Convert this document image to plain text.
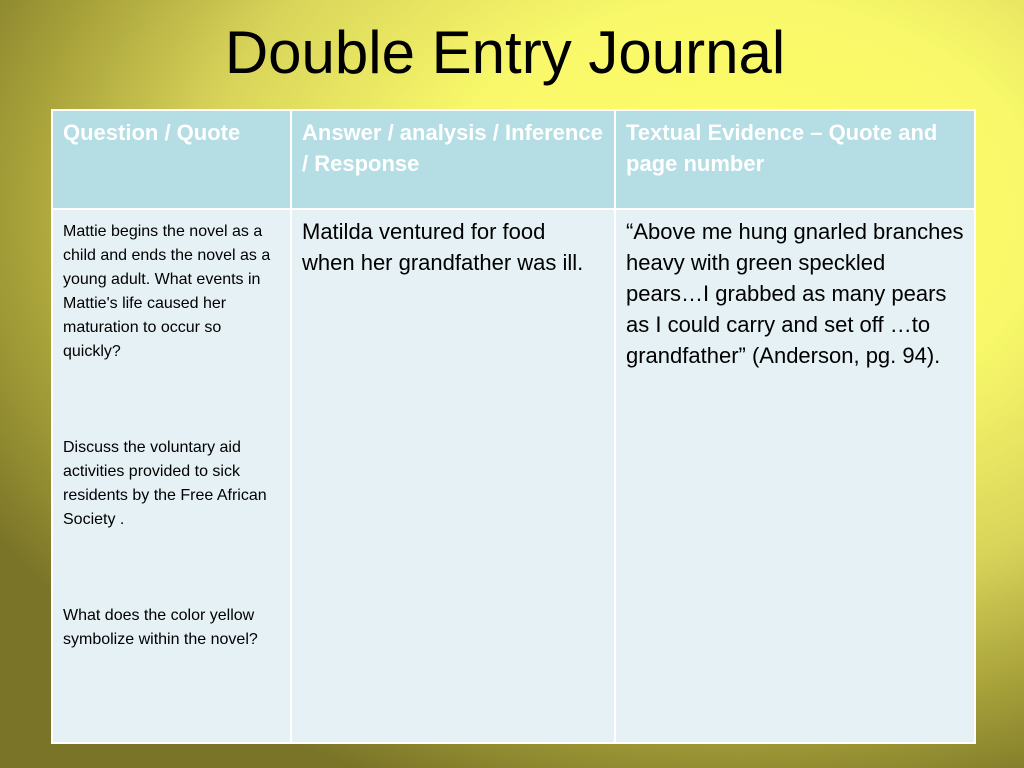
Double Entry Journal
Question / Quote	Answer / analysis / Inference / Response	Textual Evidence – Quote and page number

Mattie begins the novel as a child and ends the novel as a young adult. What events in Mattie's life caused her maturation to occur so quickly?

Discuss the voluntary aid activities provided to sick residents by the Free African Society .

What does the color yellow symbolize within the novel?	Matilda ventured for food when her grandfather was ill.	“Above me hung gnarled branches heavy with green speckled pears…I grabbed as many pears as I could carry and set off …to grandfather” (Anderson, pg. 94).
